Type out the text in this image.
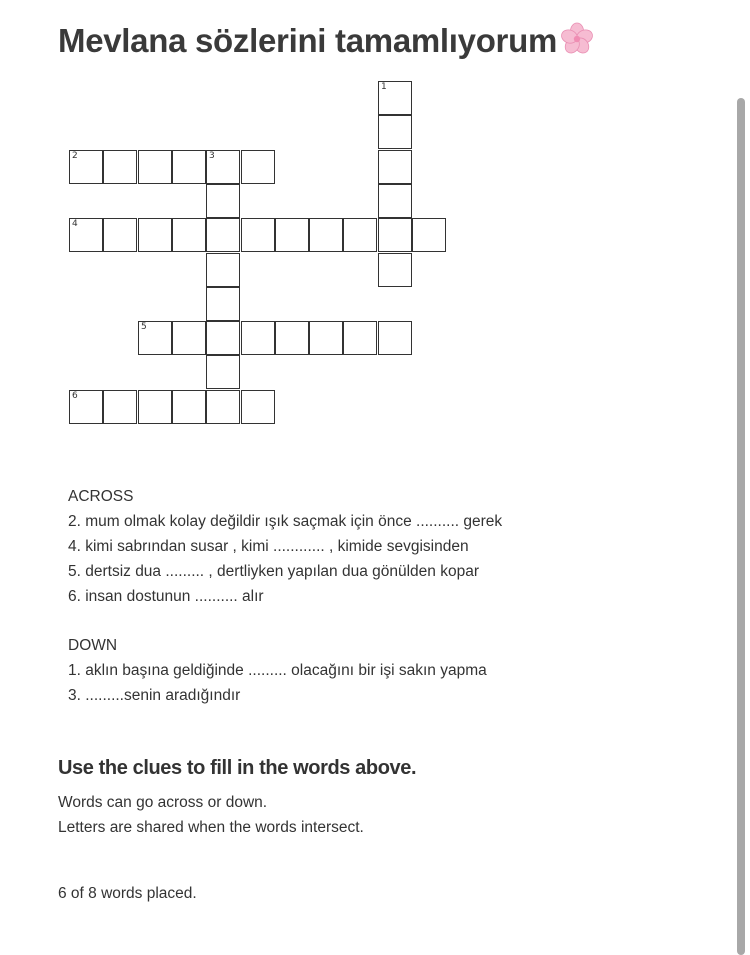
Mevlana sözlerini tamamlıyorum
1
2	3
4
5
6
ACROSS
2. mum olmak kolay değildir ışık saçmak için önce .......... gerek
4. kimi sabrından susar , kimi ............ , kimide sevgisinden
5. dertsiz dua ......... , dertliyken yapılan dua gönülden kopar
6. insan dostunun .......... alır
DOWN
1. aklın başına geldiğinde ......... olacağını bir işi sakın yapma
3. .........senin aradığındır
Use the clues to fill in the words above.
Words can go across or down.
Letters are shared when the words intersect.
6 of 8 words placed.
